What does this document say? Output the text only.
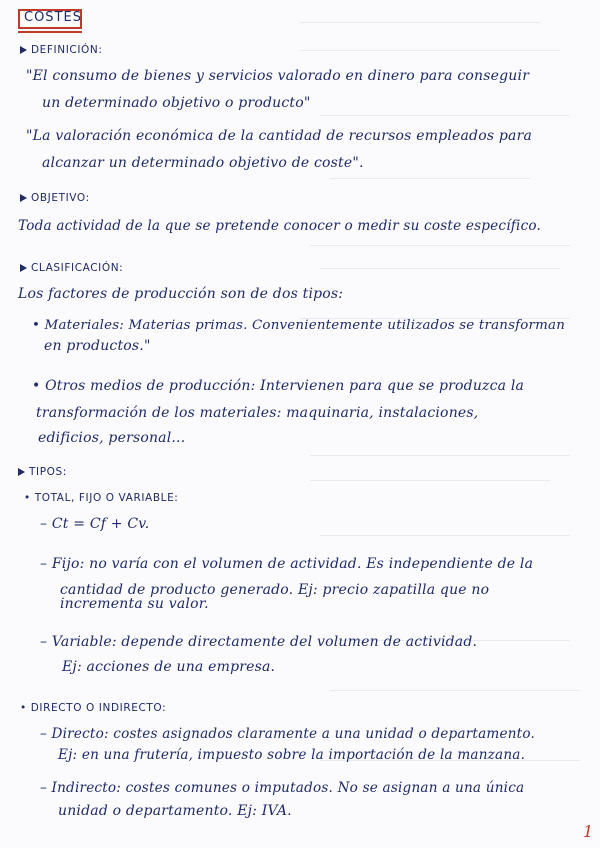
COSTES
DEFINICIÓN:
"El consumo de bienes y servicios valorado en dinero para conseguir
un determinado objetivo o producto"
"La valoración económica de la cantidad de recursos empleados para
alcanzar un determinado objetivo de coste".
OBJETIVO:
Toda actividad de la que se pretende conocer o medir su coste específico.
CLASIFICACIÓN:
Los factores de producción son de dos tipos:
• Materiales: Materias primas. Convenientemente utilizados se transforman
en productos."
• Otros medios de producción: Intervienen para que se produzca la
transformación de los materiales: maquinaria, instalaciones,
edificios, personal...
TIPOS:
• TOTAL, FIJO O VARIABLE:
– Ct = Cf + Cv.
– Fijo: no varía con el volumen de actividad. Es independiente de la
cantidad de producto generado. Ej: precio zapatilla que no
incrementa su valor.
– Variable: depende directamente del volumen de actividad.
Ej: acciones de una empresa.
• DIRECTO O INDIRECTO:
– Directo: costes asignados claramente a una unidad o departamento.
Ej: en una frutería, impuesto sobre la importación de la manzana.
– Indirecto: costes comunes o imputados. No se asignan a una única
unidad o departamento. Ej: IVA.
1
